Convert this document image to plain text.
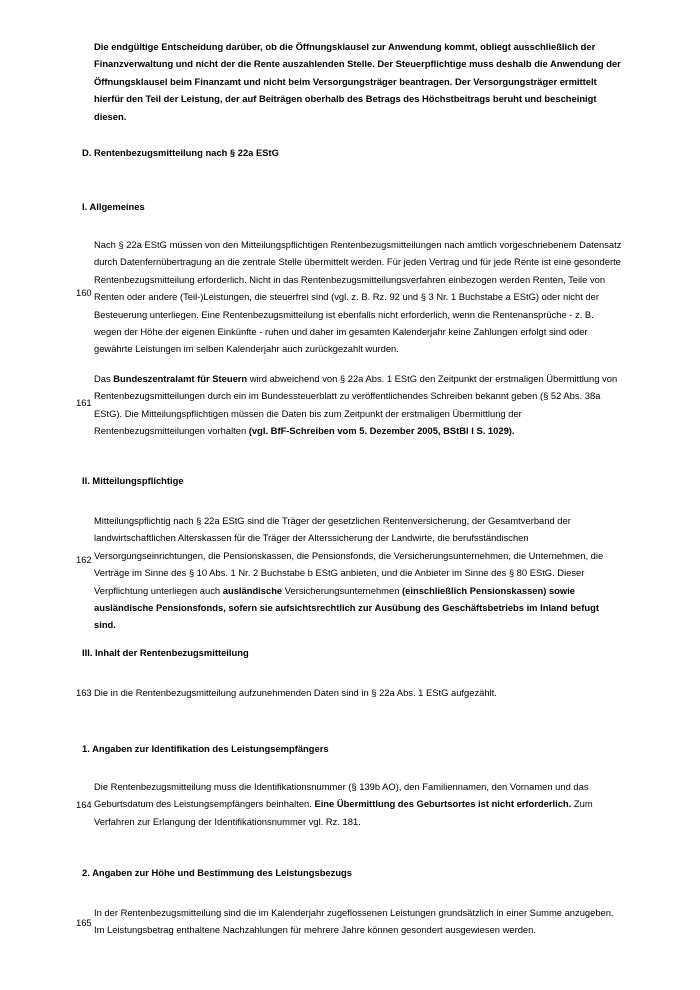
Die endgültige Entscheidung darüber, ob die Öffnungsklausel zur Anwendung kommt, obliegt ausschließlich der Finanzverwaltung und nicht der die Rente auszahlenden Stelle. Der Steuerpflichtige muss deshalb die Anwendung der Öffnungsklausel beim Finanzamt und nicht beim Versorgungsträger beantragen. Der Versorgungsträger ermittelt hierfür den Teil der Leistung, der auf Beiträgen oberhalb des Betrags des Höchstbeitrags beruht und bescheinigt diesen.

D. Rentenbezugsmitteilung nach § 22a EStG
I. Allgemeines
160

Nach § 22a EStG müssen von den Mitteilungspflichtigen Rentenbezugsmitteilungen nach amtlich vorgeschriebenem Datensatz durch Datenfernübertragung an die zentrale Stelle übermittelt werden. Für jeden Vertrag und für jede Rente ist eine gesonderte Rentenbezugsmitteilung erforderlich. Nicht in das Rentenbezugsmitteilungsverfahren einbezogen werden Renten, Teile von Renten oder andere (Teil-)Leistungen, die steuerfrei sind (vgl. z. B. Rz. 92 und § 3 Nr. 1 Buchstabe a EStG) oder nicht der Besteuerung unterliegen. Eine Rentenbezugsmitteilung ist ebenfalls nicht erforderlich, wenn die Rentenansprüche - z. B. wegen der Höhe der eigenen Einkünfte - ruhen und daher im gesamten Kalenderjahr keine Zahlungen erfolgt sind oder gewährte Leistungen im selben Kalenderjahr auch zurückgezahlt wurden.

161

Das Bundeszentralamt für Steuern wird abweichend von § 22a Abs. 1 EStG den Zeitpunkt der erstmaligen Übermittlung von Rentenbezugsmitteilungen durch ein im Bundessteuerblatt zu veröffentlichendes Schreiben bekannt geben (§ 52 Abs. 38a EStG). Die Mitteilungspflichtigen müssen die Daten bis zum Zeitpunkt der erstmaligen Übermittlung der Rentenbezugsmitteilungen vorhalten (vgl. BfF-Schreiben vom 5. Dezember 2005, BStBl I S. 1029).

II. Mitteilungspflichtige
162

Mitteilungspflichtig nach § 22a EStG sind die Träger der gesetzlichen Rentenversicherung, der Gesamtverband der landwirtschaftlichen Alterskassen für die Träger der Alterssicherung der Landwirte, die berufsständischen Versorgungseinrichtungen, die Pensionskassen, die Pensionsfonds, die Versicherungsunternehmen, die Unternehmen, die Verträge im Sinne des § 10 Abs. 1 Nr. 2 Buchstabe b EStG anbieten, und die Anbieter im Sinne des § 80 EStG. Dieser Verpflichtung unterliegen auch ausländische Versicherungsunternehmen (einschließlich Pensionskassen) sowie ausländische Pensionsfonds, sofern sie aufsichtsrechtlich zur Ausübung des Geschäftsbetriebs im Inland befugt sind.

III. Inhalt der Rentenbezugsmitteilung
163 Die in die Rentenbezugsmitteilung aufzunehmenden Daten sind in § 22a Abs. 1 EStG aufgezählt.

1. Angaben zur Identifikation des Leistungsempfängers
164

Die Rentenbezugsmitteilung muss die Identifikationsnummer (§ 139b AO), den Familiennamen, den Vornamen und das Geburtsdatum des Leistungsempfängers beinhalten. Eine Übermittlung des Geburtsortes ist nicht erforderlich. Zum Verfahren zur Erlangung der Identifikationsnummer vgl. Rz. 181.

2. Angaben zur Höhe und Bestimmung des Leistungsbezugs
165

In der Rentenbezugsmitteilung sind die im Kalenderjahr zugeflossenen Leistungen grundsätzlich in einer Summe anzugeben. Im Leistungsbetrag enthaltene Nachzahlungen für mehrere Jahre können gesondert ausgewiesen werden.
